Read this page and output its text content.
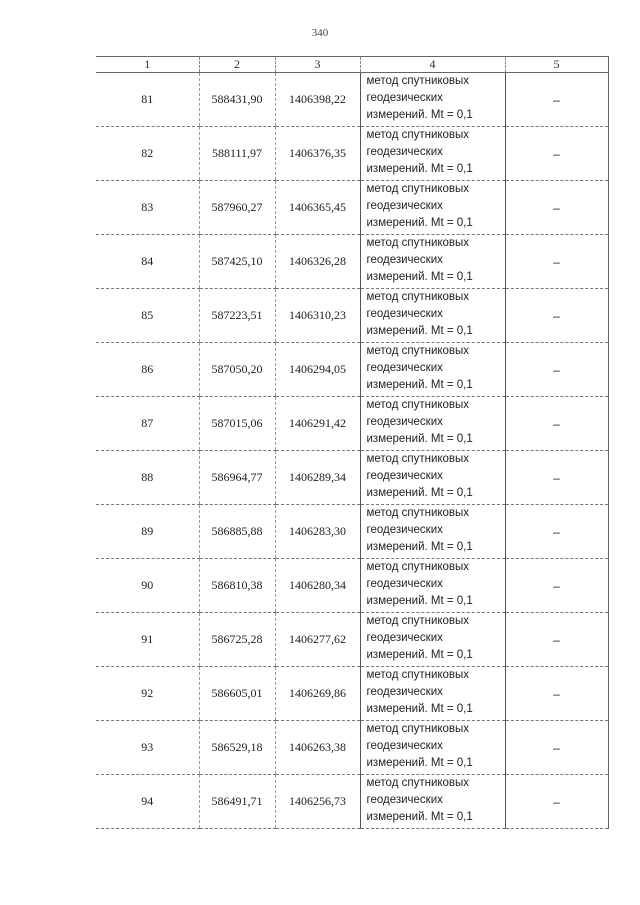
340
1	2	3	4	5
81	588431,90	1406398,22	метод спутниковых
геодезических
измерений. Mt = 0,1	–
82	588111,97	1406376,35	метод спутниковых
геодезических
измерений. Mt = 0,1	–
83	587960,27	1406365,45	метод спутниковых
геодезических
измерений. Mt = 0,1	–
84	587425,10	1406326,28	метод спутниковых
геодезических
измерений. Mt = 0,1	–
85	587223,51	1406310,23	метод спутниковых
геодезических
измерений. Mt = 0,1	–
86	587050,20	1406294,05	метод спутниковых
геодезических
измерений. Mt = 0,1	–
87	587015,06	1406291,42	метод спутниковых
геодезических
измерений. Mt = 0,1	–
88	586964,77	1406289,34	метод спутниковых
геодезических
измерений. Mt = 0,1	–
89	586885,88	1406283,30	метод спутниковых
геодезических
измерений. Mt = 0,1	–
90	586810,38	1406280,34	метод спутниковых
геодезических
измерений. Mt = 0,1	–
91	586725,28	1406277,62	метод спутниковых
геодезических
измерений. Mt = 0,1	–
92	586605,01	1406269,86	метод спутниковых
геодезических
измерений. Mt = 0,1	–
93	586529,18	1406263,38	метод спутниковых
геодезических
измерений. Mt = 0,1	–
94	586491,71	1406256,73	метод спутниковых
геодезических
измерений. Mt = 0,1	–
